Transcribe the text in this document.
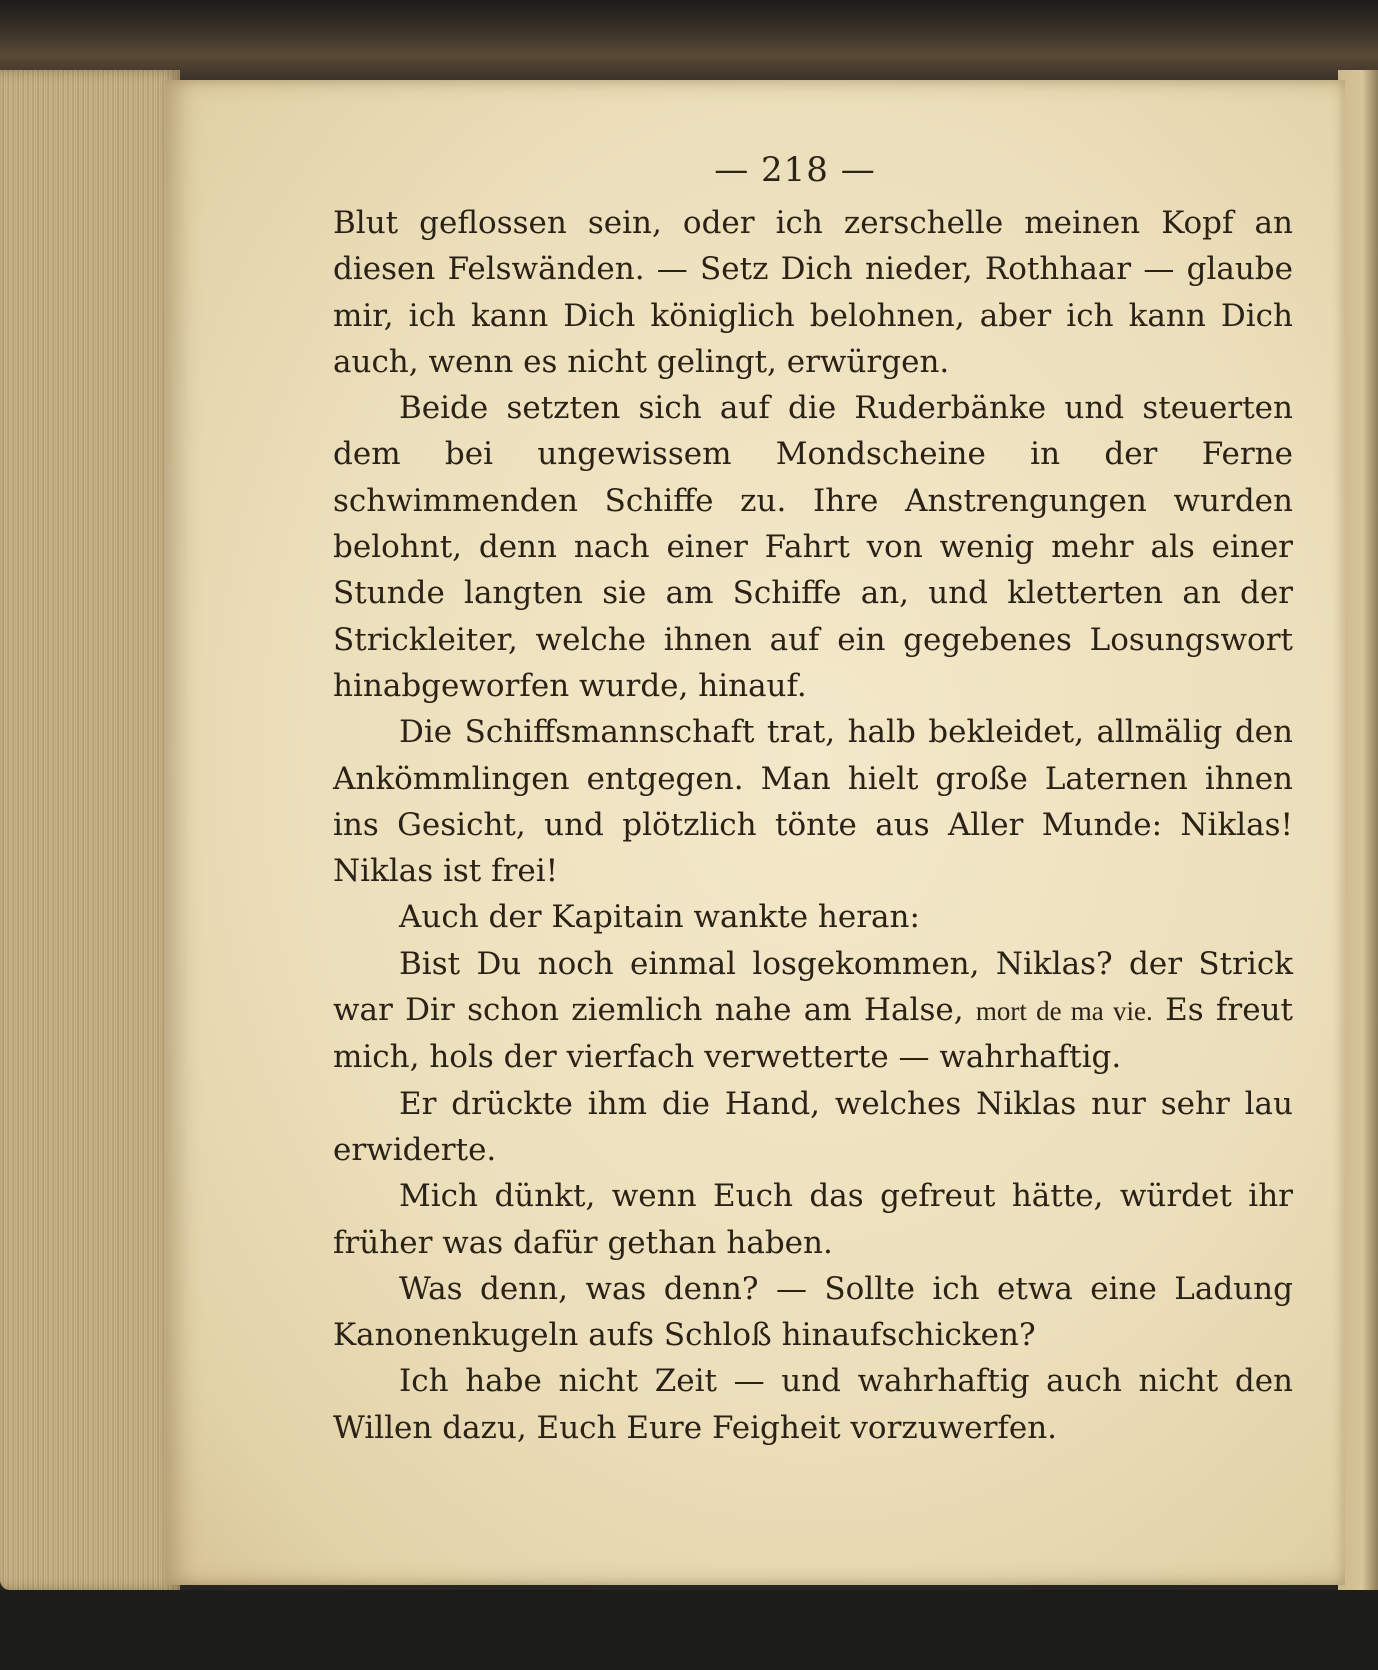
— 218 —

Blut geflossen sein, oder ich zerschelle meinen Kopf an diesen Felswänden. — Setz Dich nieder, Rothhaar — glaube mir, ich kann Dich königlich belohnen, aber ich kann Dich auch, wenn es nicht gelingt, erwürgen.

Beide setzten sich auf die Ruderbänke und steuerten dem bei ungewissem Mondscheine in der Ferne schwimmenden Schiffe zu. Ihre Anstrengungen wurden belohnt, denn nach einer Fahrt von wenig mehr als einer Stunde langten sie am Schiffe an, und kletterten an der Strickleiter, welche ihnen auf ein gegebenes Losungswort hinabgeworfen wurde, hinauf.

Die Schiffsmannschaft trat, halb bekleidet, allmälig den Ankömmlingen entgegen. Man hielt große Laternen ihnen ins Gesicht, und plötzlich tönte aus Aller Munde: Niklas! Niklas ist frei!

Auch der Kapitain wankte heran:

Bist Du noch einmal losgekommen, Niklas? der Strick war Dir schon ziemlich nahe am Halse, mort de ma vie. Es freut mich, hols der vierfach verwetterte — wahrhaftig.

Er drückte ihm die Hand, welches Niklas nur sehr lau erwiderte.

Mich dünkt, wenn Euch das gefreut hätte, würdet ihr früher was dafür gethan haben.

Was denn, was denn? — Sollte ich etwa eine Ladung Kanonenkugeln aufs Schloß hinaufschicken?

Ich habe nicht Zeit — und wahrhaftig auch nicht den Willen dazu, Euch Eure Feigheit vorzuwerfen.
